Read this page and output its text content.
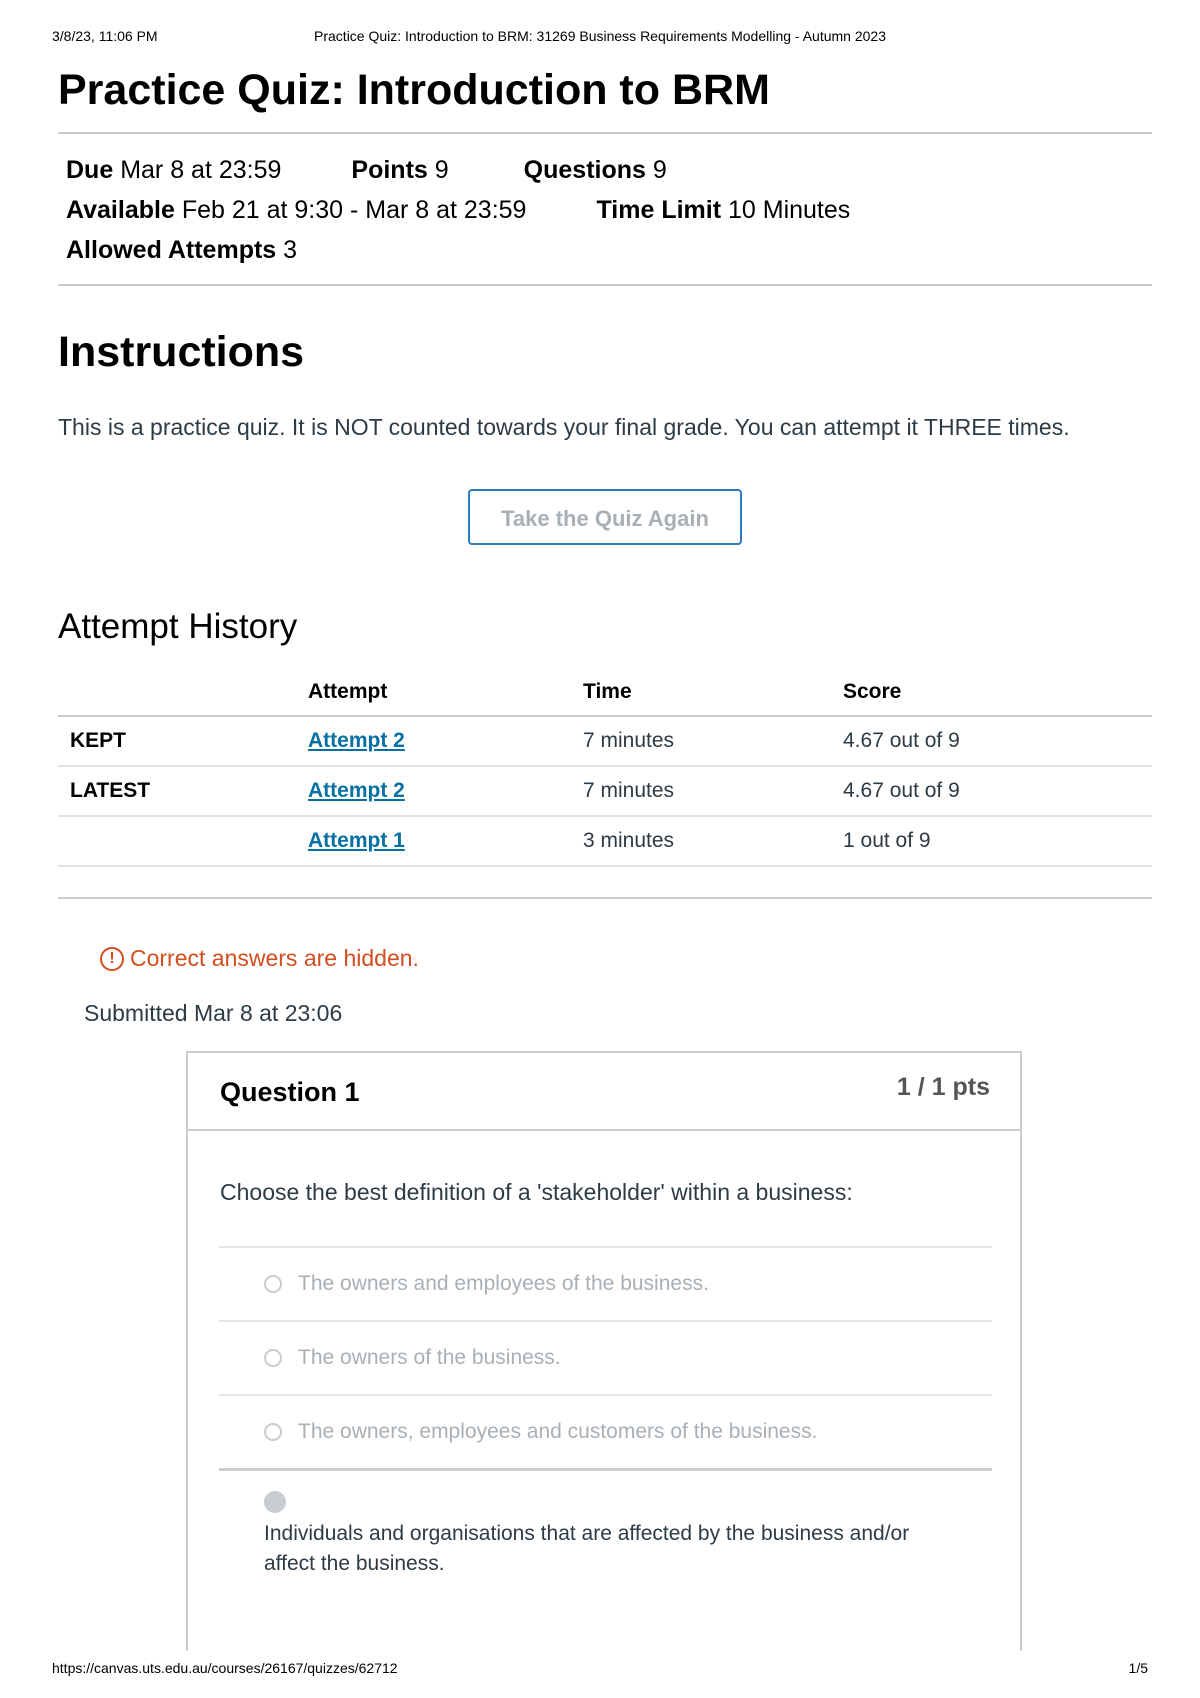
3/8/23, 11:06 PM	Practice Quiz: Introduction to BRM: 31269 Business Requirements Modelling - Autumn 2023
Practice Quiz: Introduction to BRM
Due Mar 8 at 23:59	Points 9	Questions 9
Available Feb 21 at 9:30 - Mar 8 at 23:59	Time Limit 10 Minutes
Allowed Attempts 3
Instructions

This is a practice quiz. It is NOT counted towards your final grade. You can attempt it THREE times.

Take the Quiz Again
Attempt History
	Attempt	Time	Score
KEPT	Attempt 2	7 minutes	4.67 out of 9
LATEST	Attempt 2	7 minutes	4.67 out of 9
	Attempt 1	3 minutes	1 out of 9
! Correct answers are hidden.
Submitted Mar 8 at 23:06
Question 1	1 / 1 pts
Choose the best definition of a 'stakeholder' within a business:
The owners and employees of the business.
The owners of the business.
The owners, employees and customers of the business.
Individuals and organisations that are affected by the business and/or affect the business.
https://canvas.uts.edu.au/courses/26167/quizzes/62712	1/5
